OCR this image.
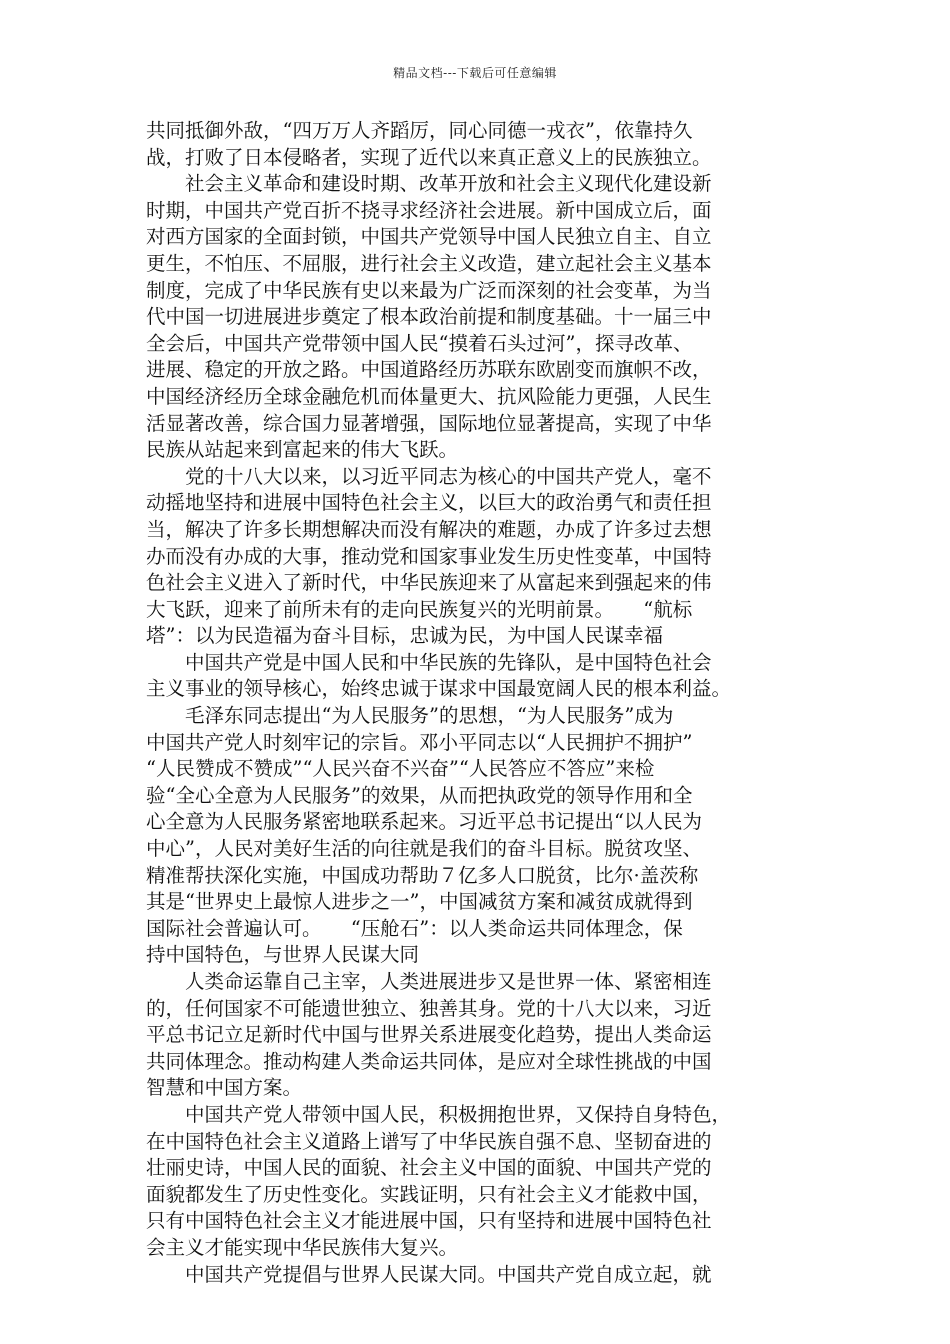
精品文档---下载后可任意编辑
共同抵御外敌，“四万万人齐蹈厉，同心同德一戎衣”，依靠持久
战，打败了日本侵略者，实现了近代以来真正意义上的民族独立。
　　社会主义革命和建设时期、改革开放和社会主义现代化建设新
时期，中国共产党百折不挠寻求经济社会进展。新中国成立后，面
对西方国家的全面封锁，中国共产党领导中国人民独立自主、自立
更生，不怕压、不屈服，进行社会主义改造，建立起社会主义基本
制度，完成了中华民族有史以来最为广泛而深刻的社会变革，为当
代中国一切进展进步奠定了根本政治前提和制度基础。十一届三中
全会后，中国共产党带领中国人民“摸着石头过河”，探寻改革、
进展、稳定的开放之路。中国道路经历苏联东欧剧变而旗帜不改，
中国经济经历全球金融危机而体量更大、抗风险能力更强，人民生
活显著改善，综合国力显著增强，国际地位显著提高，实现了中华
民族从站起来到富起来的伟大飞跃。
　　党的十八大以来，以习近平同志为核心的中国共产党人，毫不
动摇地坚持和进展中国特色社会主义，以巨大的政治勇气和责任担
当，解决了许多长期想解决而没有解决的难题，办成了许多过去想
办而没有办成的大事，推动党和国家事业发生历史性变革，中国特
色社会主义进入了新时代，中华民族迎来了从富起来到强起来的伟
大飞跃，迎来了前所未有的走向民族复兴的光明前景。　　“航标
塔”：以为民造福为奋斗目标，忠诚为民，为中国人民谋幸福
　　中国共产党是中国人民和中华民族的先锋队，是中国特色社会
主义事业的领导核心，始终忠诚于谋求中国最宽阔人民的根本利益。
　　毛泽东同志提出“为人民服务”的思想，“为人民服务”成为
中国共产党人时刻牢记的宗旨。邓小平同志以“人民拥护不拥护”
“人民赞成不赞成”“人民兴奋不兴奋”“人民答应不答应”来检
验“全心全意为人民服务”的效果，从而把执政党的领导作用和全
心全意为人民服务紧密地联系起来。习近平总书记提出“以人民为
中心”，人民对美好生活的向往就是我们的奋斗目标。脱贫攻坚、
精准帮扶深化实施，中国成功帮助７亿多人口脱贫，比尔·盖茨称
其是“世界史上最惊人进步之一”，中国减贫方案和减贫成就得到
国际社会普遍认可。　　“压舱石”：以人类命运共同体理念，保
持中国特色，与世界人民谋大同
　　人类命运靠自己主宰，人类进展进步又是世界一体、紧密相连
的，任何国家不可能遗世独立、独善其身。党的十八大以来，习近
平总书记立足新时代中国与世界关系进展变化趋势，提出人类命运
共同体理念。推动构建人类命运共同体，是应对全球性挑战的中国
智慧和中国方案。
　　中国共产党人带领中国人民，积极拥抱世界，又保持自身特色，
在中国特色社会主义道路上谱写了中华民族自强不息、坚韧奋进的
壮丽史诗，中国人民的面貌、社会主义中国的面貌、中国共产党的
面貌都发生了历史性变化。实践证明，只有社会主义才能救中国，
只有中国特色社会主义才能进展中国，只有坚持和进展中国特色社
会主义才能实现中华民族伟大复兴。
　　中国共产党提倡与世界人民谋大同。中国共产党自成立起，就
